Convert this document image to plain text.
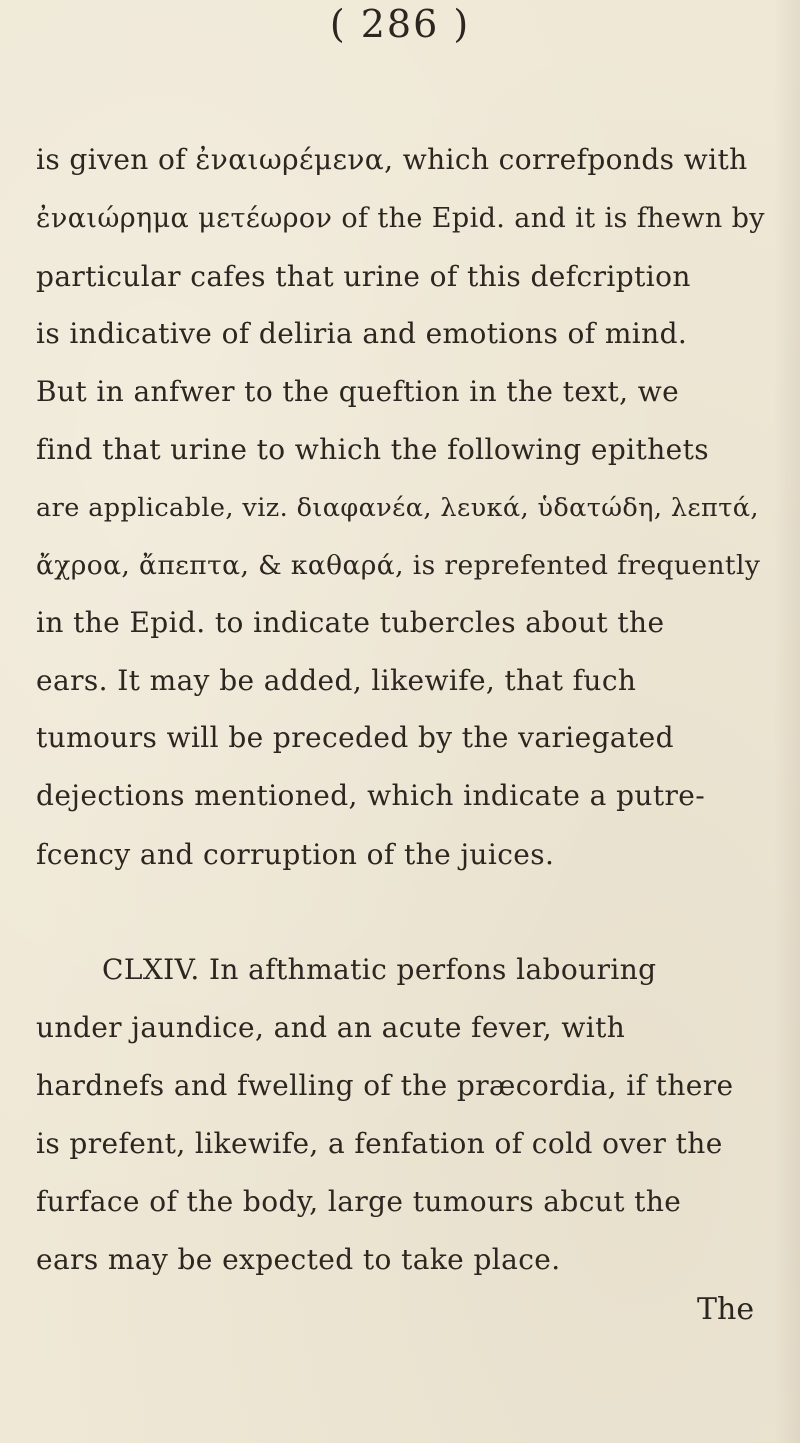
( 286 )
is given of ἐναιωρέμενα, which correfponds with
ἐναιώρημα μετέωρον of the Epid. and it is fhewn by
particular cafes that urine of this defcription
is indicative of deliria and emotions of mind.
But in anfwer to the queftion in the text, we
find that urine to which the following epithets
are applicable, viz. διαφανέα, λευκά, ὑδατώδη, λεπτά,
ἄχροα, ἄπεπτα, & καθαρά, is reprefented frequently
in the Epid. to indicate tubercles about the
ears. It may be added, likewife, that fuch
tumours will be preceded by the variegated
dejections mentioned, which indicate a putre-
fcency and corruption of the juices.
CLXIV. In afthmatic perfons labouring
under jaundice, and an acute fever, with
hardnefs and fwelling of the præcordia, if there
is prefent, likewife, a fenfation of cold over the
furface of the body, large tumours abcut the
ears may be expected to take place.
The
